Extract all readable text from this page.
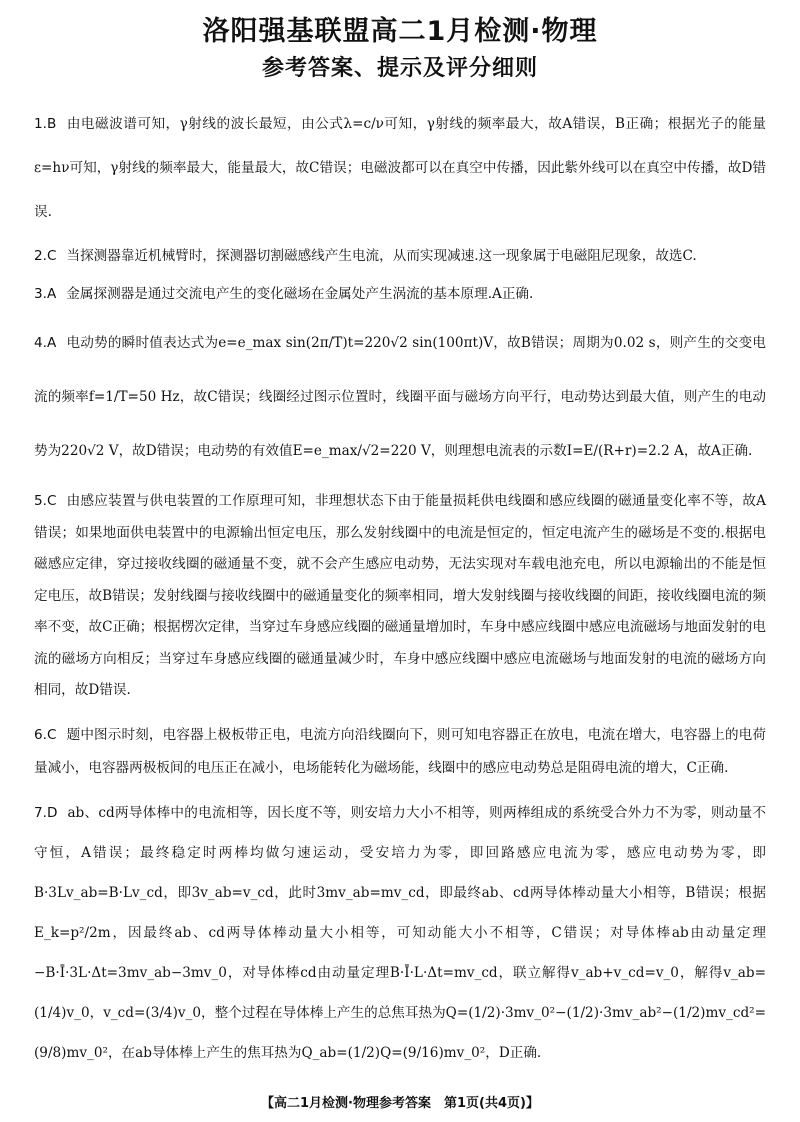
洛阳强基联盟高二1月检测·物理
参考答案、提示及评分细则

1.B 由电磁波谱可知，γ射线的波长最短，由公式λ=c/ν可知，γ射线的频率最大，故A错误，B正确；根据光子的能量ε=hν可知，γ射线的频率最大，能量最大，故C错误；电磁波都可以在真空中传播，因此紫外线可以在真空中传播，故D错误.

2.C 当探测器靠近机械臂时，探测器切割磁感线产生电流，从而实现减速.这一现象属于电磁阻尼现象，故选C.

3.A 金属探测器是通过交流电产生的变化磁场在金属处产生涡流的基本原理.A正确.

4.A 电动势的瞬时值表达式为e=e_max sin(2π/T)t=220√2 sin(100πt)V，故B错误；周期为0.02 s，则产生的交变电流的频率f=1/T=50 Hz，故C错误；线圈经过图示位置时，线圈平面与磁场方向平行，电动势达到最大值，则产生的电动势为220√2 V，故D错误；电动势的有效值E=e_max/√2=220 V，则理想电流表的示数I=E/(R+r)=2.2 A，故A正确.

5.C 由感应装置与供电装置的工作原理可知，非理想状态下由于能量损耗供电线圈和感应线圈的磁通量变化率不等，故A错误；如果地面供电装置中的电源输出恒定电压，那么发射线圈中的电流是恒定的，恒定电流产生的磁场是不变的.根据电磁感应定律，穿过接收线圈的磁通量不变，就不会产生感应电动势，无法实现对车载电池充电，所以电源输出的不能是恒定电压，故B错误；发射线圈与接收线圈中的磁通量变化的频率相同，增大发射线圈与接收线圈的间距，接收线圈电流的频率不变，故C正确；根据楞次定律，当穿过车身感应线圈的磁通量增加时，车身中感应线圈中感应电流磁场与地面发射的电流的磁场方向相反；当穿过车身感应线圈的磁通量减少时，车身中感应线圈中感应电流磁场与地面发射的电流的磁场方向相同，故D错误.

6.C 题中图示时刻，电容器上极板带正电，电流方向沿线圈向下，则可知电容器正在放电，电流在增大，电容器上的电荷量减小，电容器两极板间的电压正在减小，电场能转化为磁场能，线圈中的感应电动势总是阻碍电流的增大，C正确.

7.D ab、cd两导体棒中的电流相等，因长度不等，则安培力大小不相等，则两棒组成的系统受合外力不为零，则动量不守恒，A错误；最终稳定时两棒均做匀速运动，受安培力为零，即回路感应电流为零，感应电动势为零，即B·3Lv_ab=B·Lv_cd，即3v_ab=v_cd，此时3mv_ab=mv_cd，即最终ab、cd两导体棒动量大小相等，B错误；根据E_k=p²/2m，因最终ab、cd两导体棒动量大小相等，可知动能大小不相等，C错误；对导体棒ab由动量定理−B·Ī·3L·Δt=3mv_ab−3mv_0，对导体棒cd由动量定理B·Ī·L·Δt=mv_cd，联立解得v_ab+v_cd=v_0，解得v_ab=(1/4)v_0，v_cd=(3/4)v_0，整个过程在导体棒上产生的总焦耳热为Q=(1/2)·3mv_0²−(1/2)·3mv_ab²−(1/2)mv_cd²=(9/8)mv_0²，在ab导体棒上产生的焦耳热为Q_ab=(1/2)Q=(9/16)mv_0²，D正确.

【高二1月检测·物理参考答案　第1页(共4页)】
